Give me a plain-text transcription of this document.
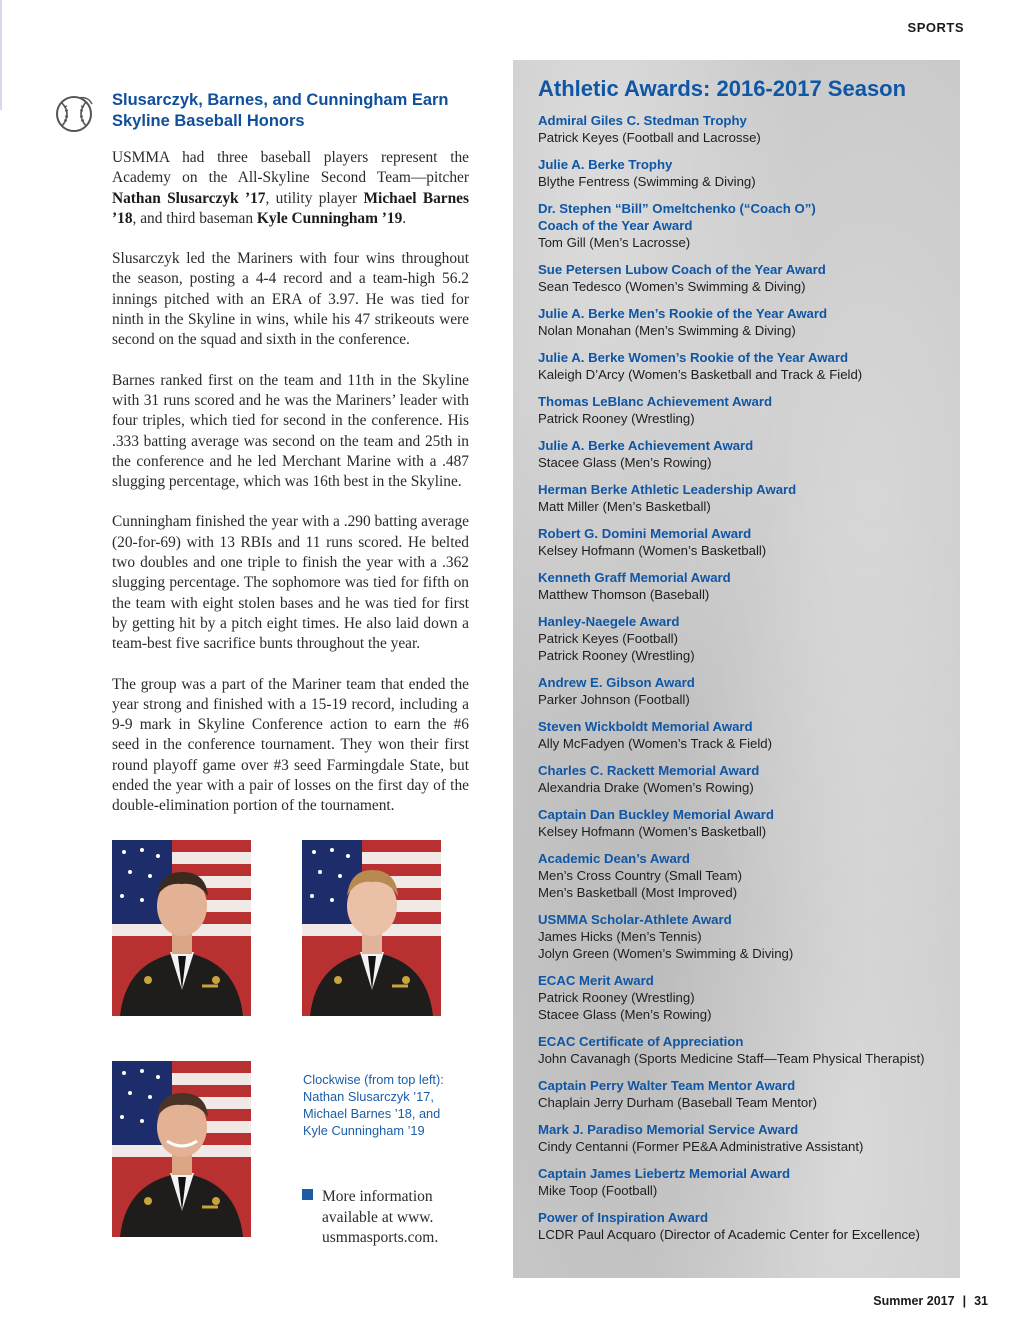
SPORTS
Slusarczyk, Barnes, and Cunningham Earn Skyline Baseball Honors

USMMA had three baseball players represent the Academy on the All-Skyline Second Team—pitcher Nathan Slusarczyk ’17, utility player Michael Barnes ’18, and third baseman Kyle Cunningham ’19.

Slusarczyk led the Mariners with four wins throughout the season, posting a 4-4 record and a team-high 56.2 innings pitched with an ERA of 3.97. He was tied for ninth in the Skyline in wins, while his 47 strikeouts were second on the squad and sixth in the conference.

Barnes ranked first on the team and 11th in the Skyline with 31 runs scored and he was the Mariners’ leader with four triples, which tied for second in the conference. His .333 batting average was second on the team and 25th in the conference and he led Merchant Marine with a .487 slugging percentage, which was 16th best in the Skyline.

Cunningham finished the year with a .290 batting average (20-for-69) with 13 RBIs and 11 runs scored. He belted two doubles and one triple to finish the year with a .362 slugging percentage. The sophomore was tied for fifth on the team with eight stolen bases and he was tied for first by getting hit by a pitch eight times. He also laid down a team-best five sacrifice bunts throughout the year.

The group was a part of the Mariner team that ended the year strong and finished with a 15-19 record, including a 9-9 mark in Skyline Conference action to earn the #6 seed in the conference tournament. They won their first round playoff game over #3 seed Farmingdale State, but ended the year with a pair of losses on the first day of the double-elimination portion of the tournament.

Clockwise (from top left):
Nathan Slusarczyk ’17,
Michael Barnes ’18, and
Kyle Cunningham ’19

More information
available at www.
usmmasports.com.
Athletic Awards: 2016-2017 Season
Admiral Giles C. Stedman Trophy
Patrick Keyes (Football and Lacrosse)
Julie A. Berke Trophy
Blythe Fentress (Swimming & Diving)
Dr. Stephen “Bill” Omeltchenko (“Coach O”)
Coach of the Year Award
Tom Gill (Men’s Lacrosse)
Sue Petersen Lubow Coach of the Year Award
Sean Tedesco (Women’s Swimming & Diving)
Julie A. Berke Men’s Rookie of the Year Award
Nolan Monahan (Men’s Swimming & Diving)
Julie A. Berke Women’s Rookie of the Year Award
Kaleigh D’Arcy (Women’s Basketball and Track & Field)
Thomas LeBlanc Achievement Award
Patrick Rooney (Wrestling)
Julie A. Berke Achievement Award
Stacee Glass (Men’s Rowing)
Herman Berke Athletic Leadership Award
Matt Miller (Men’s Basketball)
Robert G. Domini Memorial Award
Kelsey Hofmann (Women’s Basketball)
Kenneth Graff Memorial Award
Matthew Thomson (Baseball)
Hanley-Naegele Award
Patrick Keyes (Football)
Patrick Rooney (Wrestling)
Andrew E. Gibson Award
Parker Johnson (Football)
Steven Wickboldt Memorial Award
Ally McFadyen (Women’s Track & Field)
Charles C. Rackett Memorial Award
Alexandria Drake (Women’s Rowing)
Captain Dan Buckley Memorial Award
Kelsey Hofmann (Women’s Basketball)
Academic Dean’s Award
Men’s Cross Country (Small Team)
Men’s Basketball (Most Improved)
USMMA Scholar-Athlete Award
James Hicks (Men’s Tennis)
Jolyn Green (Women’s Swimming & Diving)
ECAC Merit Award
Patrick Rooney (Wrestling)
Stacee Glass (Men’s Rowing)
ECAC Certificate of Appreciation
John Cavanagh (Sports Medicine Staff—Team Physical Therapist)
Captain Perry Walter Team Mentor Award
Chaplain Jerry Durham (Baseball Team Mentor)
Mark J. Paradiso Memorial Service Award
Cindy Centanni (Former PE&A Administrative Assistant)
Captain James Liebertz Memorial Award
Mike Toop (Football)
Power of Inspiration Award
LCDR Paul Acquaro (Director of Academic Center for Excellence)
Summer 2017 | 31
